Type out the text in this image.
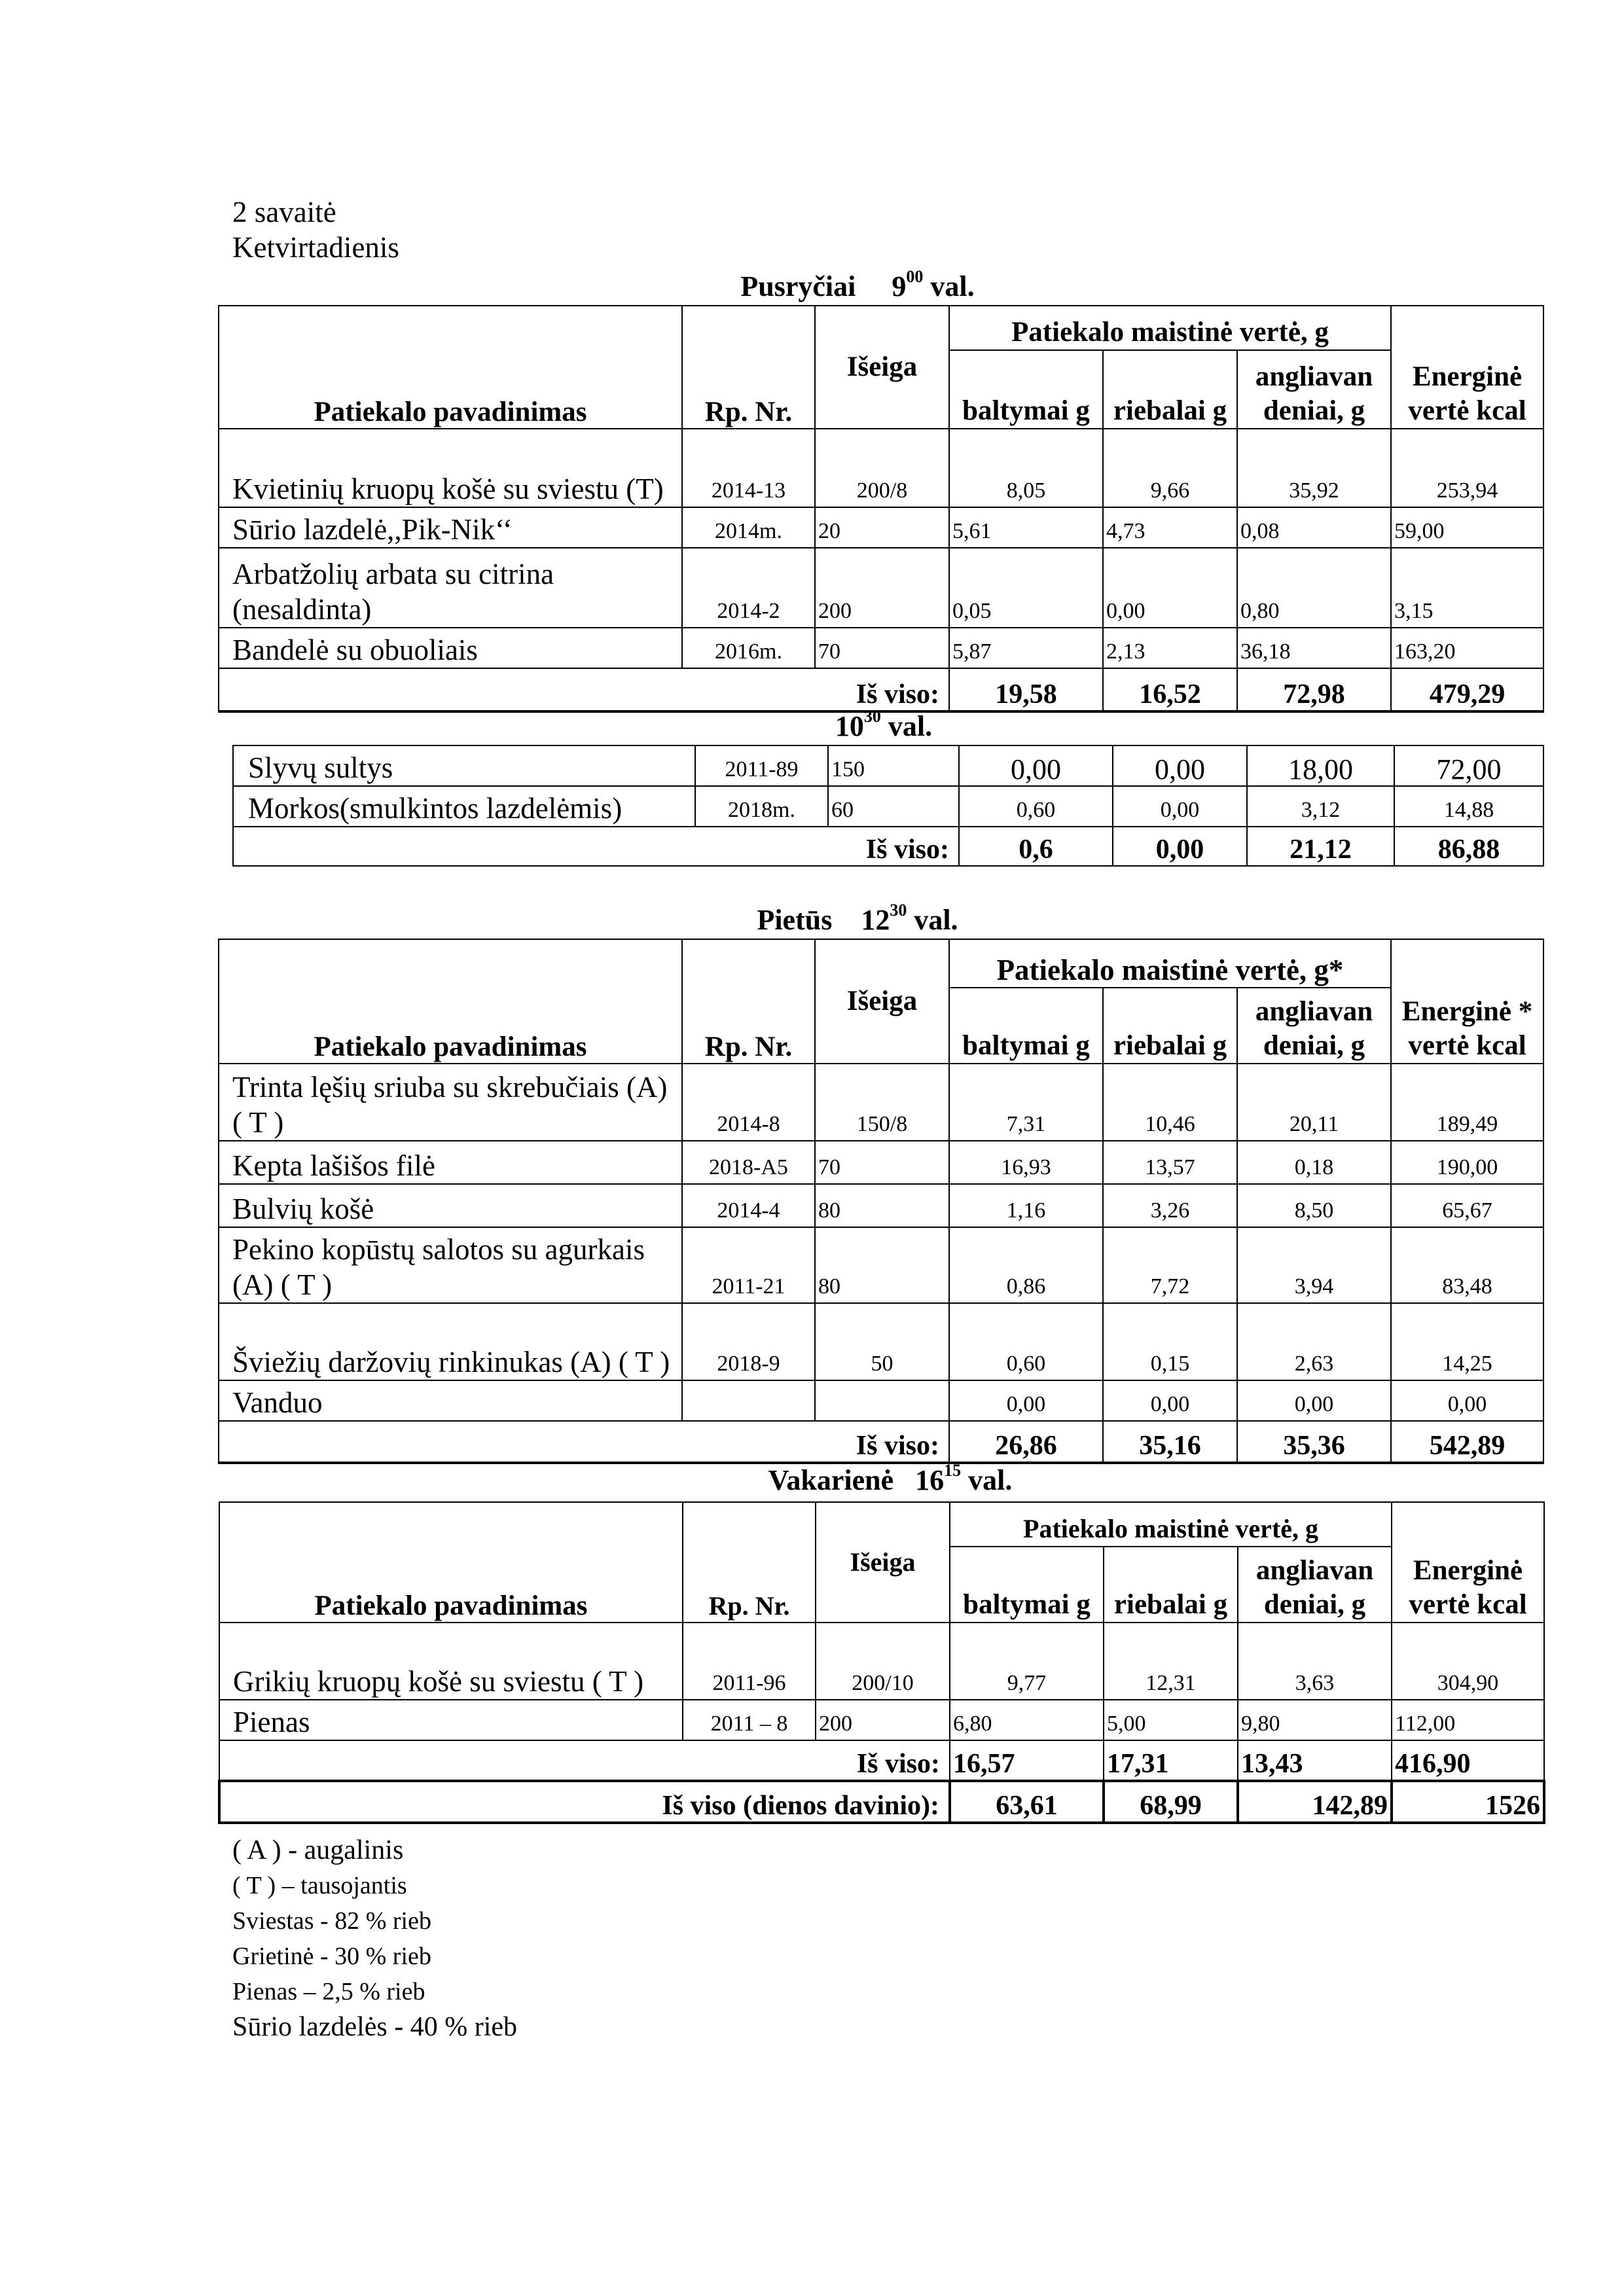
2 savaitė
Ketvirtadienis
Pusryčiai $9^{00}$ val.
Patiekalo pavadinimas	Rp. Nr.	Išeiga	Patiekalo maistinė vertė, g			Energinė vertė kcal
			baltymai g	riebalai g	angliavan deniai, g	
Kvietinių kruopų košė su sviestu (T)	2014-13	200/8	8,05	9,66	35,92	253,94
Sūrio lazdelė,,Pik-Nik‘‘	2014m.	20	5,61	4,73	0,08	59,00
Arbatžolių arbata su citrina (nesaldinta)	2014-2	200	0,05	0,00	0,80	3,15
Bandelė su obuoliais	2016m.	70	5,87	2,13	36,18	163,20
Iš viso:			19,58	16,52	72,98	479,29
$10^{30}$ val.
Slyvų sultys	2011-89	150	0,00	0,00	18,00	72,00
Morkos(smulkintos lazdelėmis)	2018m.	60	0,60	0,00	3,12	14,88
Iš viso:			0,6	0,00	21,12	86,88
Pietūs $12^{30}$ val.
Patiekalo pavadinimas	Rp. Nr.	Išeiga	Patiekalo maistinė vertė, g*			Energinė * vertė kcal
			baltymai g	riebalai g	angliavan deniai, g	
Trinta lęšių sriuba su skrebučiais (A) ( T )	2014-8	150/8	7,31	10,46	20,11	189,49
Kepta lašišos filė	2018-A5	70	16,93	13,57	0,18	190,00
Bulvių košė	2014-4	80	1,16	3,26	8,50	65,67
Pekino kopūstų salotos su agurkais (A) ( T )	2011-21	80	0,86	7,72	3,94	83,48
Šviežių daržovių rinkinukas (A) ( T )	2018-9	50	0,60	0,15	2,63	14,25
Vanduo			0,00	0,00	0,00	0,00
Iš viso:			26,86	35,16	35,36	542,89
Vakarienė $16^{15}$ val.
Patiekalo pavadinimas	Rp. Nr.	Išeiga	Patiekalo maistinė vertė, g			Energinė vertė kcal
			baltymai g	riebalai g	angliavan deniai, g	
Grikių kruopų košė su sviestu ( T )	2011-96	200/10	9,77	12,31	3,63	304,90
Pienas	2011 – 8	200	6,80	5,00	9,80	112,00
Iš viso:			16,57	17,31	13,43	416,90
Iš viso (dienos davinio):			63,61	68,99	142,89	1526
( A ) - augalinis
( T ) – tausojantis
Sviestas - 82 % rieb
Grietinė - 30 % rieb
Pienas – 2,5 % rieb
Sūrio lazdelės - 40 % rieb
